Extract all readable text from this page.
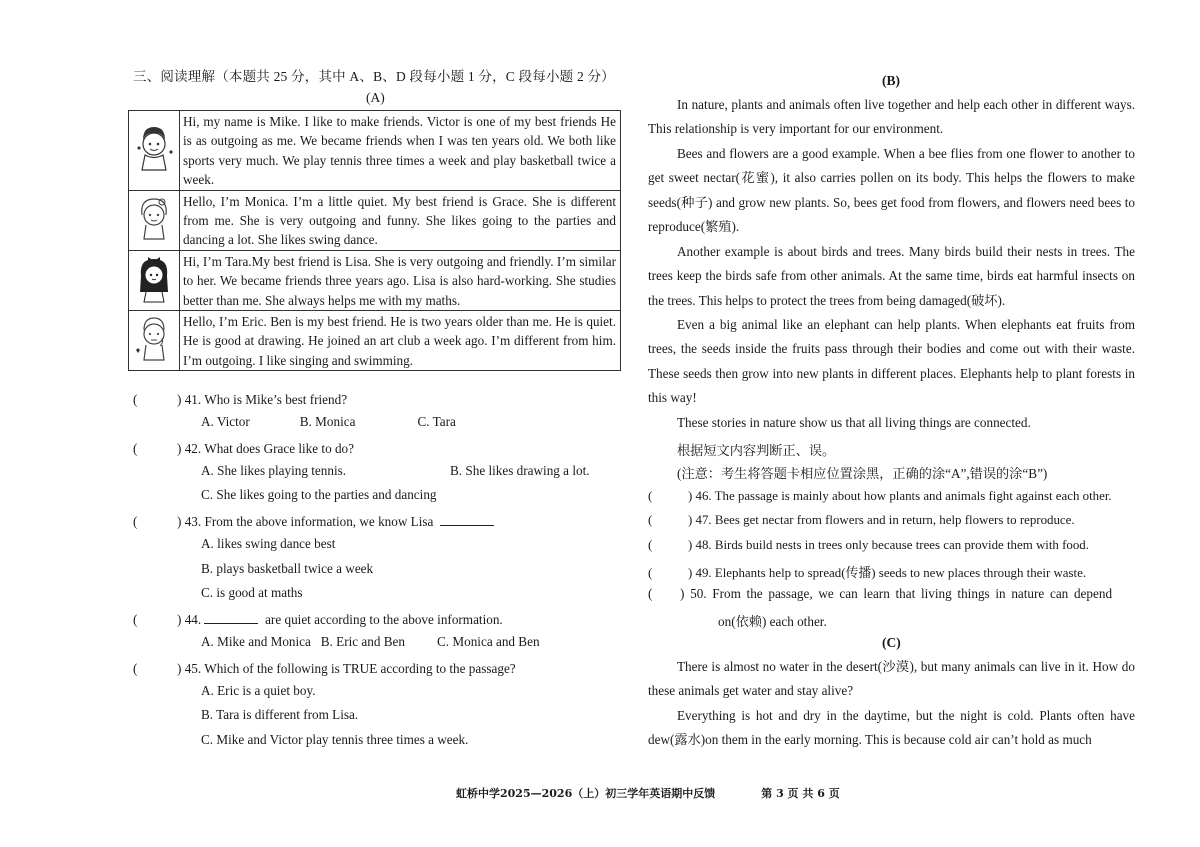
三、阅读理解（本题共 25 分，其中 A、B、D 段每小题 1 分，C 段每小题 2 分）
(A)
	Hi, my name is Mike. I like to make friends. Victor is one of my best friends He is as outgoing as me. We became friends when I was ten years old. We both like sports very much. We play tennis three times a week and play basketball twice a week.
	Hello, I’m Monica. I’m a little quiet. My best friend is Grace. She is different from me. She is very outgoing and funny. She likes going to the parties and dancing a lot. She likes swing dance.
	Hi, I’m Tara.My best friend is Lisa. She is very outgoing and friendly. I’m similar to her. We became friends three years ago. Lisa is also hard-working. She studies better than me. She always helps me with my maths.
	Hello, I’m Eric. Ben is my best friend. He is two years older than me. He is quiet. He is good at drawing. He joined an art club a week ago. I’m different from him. I’m outgoing. I like singing and swimming.
(	) 41. Who is Mike’s best friend?
A. Victor	B. Monica	C. Tara
(	) 42. What does Grace like to do?
A. She likes playing tennis.	B. She likes drawing a lot.
C. She likes going to the parties and dancing
(	) 43. From the above information, we know Lisa
A. likes swing dance best
B. plays basketball twice a week
C. is good at maths
(	) 44.	are quiet according to the above information.
A. Mike and Monica B. Eric and Ben C. Monica and Ben
(	) 45. Which of the following is TRUE according to the passage?
A. Eric is a quiet boy.
B. Tara is different from Lisa.
C. Mike and Victor play tennis three times a week.
(B)
In nature, plants and animals often live together and help each other in different ways. This relationship is very important for our environment.
Bees and flowers are a good example. When a bee flies from one flower to another to get sweet nectar(花蜜), it also carries pollen on its body. This helps the flowers to make seeds(种子) and grow new plants. So, bees get food from flowers, and flowers need bees to reproduce(繁殖).
Another example is about birds and trees. Many birds build their nests in trees. The trees keep the birds safe from other animals. At the same time, birds eat harmful insects on the trees. This helps to protect the trees from being damaged(破坏).
Even a big animal like an elephant can help plants. When elephants eat fruits from trees, the seeds inside the fruits pass through their bodies and come out with their waste. These seeds then grow into new plants in different places. Elephants help to plant forests in this way!
These stories in nature show us that all living things are connected.
根据短文内容判断正、误。
(注意：考生将答题卡相应位置涂黑，正确的涂“A”,错误的涂“B”)
(	) 46. The passage is mainly about how plants and animals fight against each other.
(	) 47. Bees get nectar from flowers and in return, help flowers to reproduce.
(	) 48. Birds build nests in trees only because trees can provide them with food.
(	) 49. Elephants help to spread(传播) seeds to new places through their waste.
( ) 50. From the passage, we can learn that living things in nature can depend
on(依赖) each other.
(C)
There is almost no water in the desert(沙漠), but many animals can live in it. How do these animals get water and stay alive?
Everything is hot and dry in the daytime, but the night is cold. Plants often have dew(露水)on them in the early morning. This is because cold air can’t hold as much
虹桥中学2025—2026（上）初三学年英语期中反馈	第 3 页 共 6 页
